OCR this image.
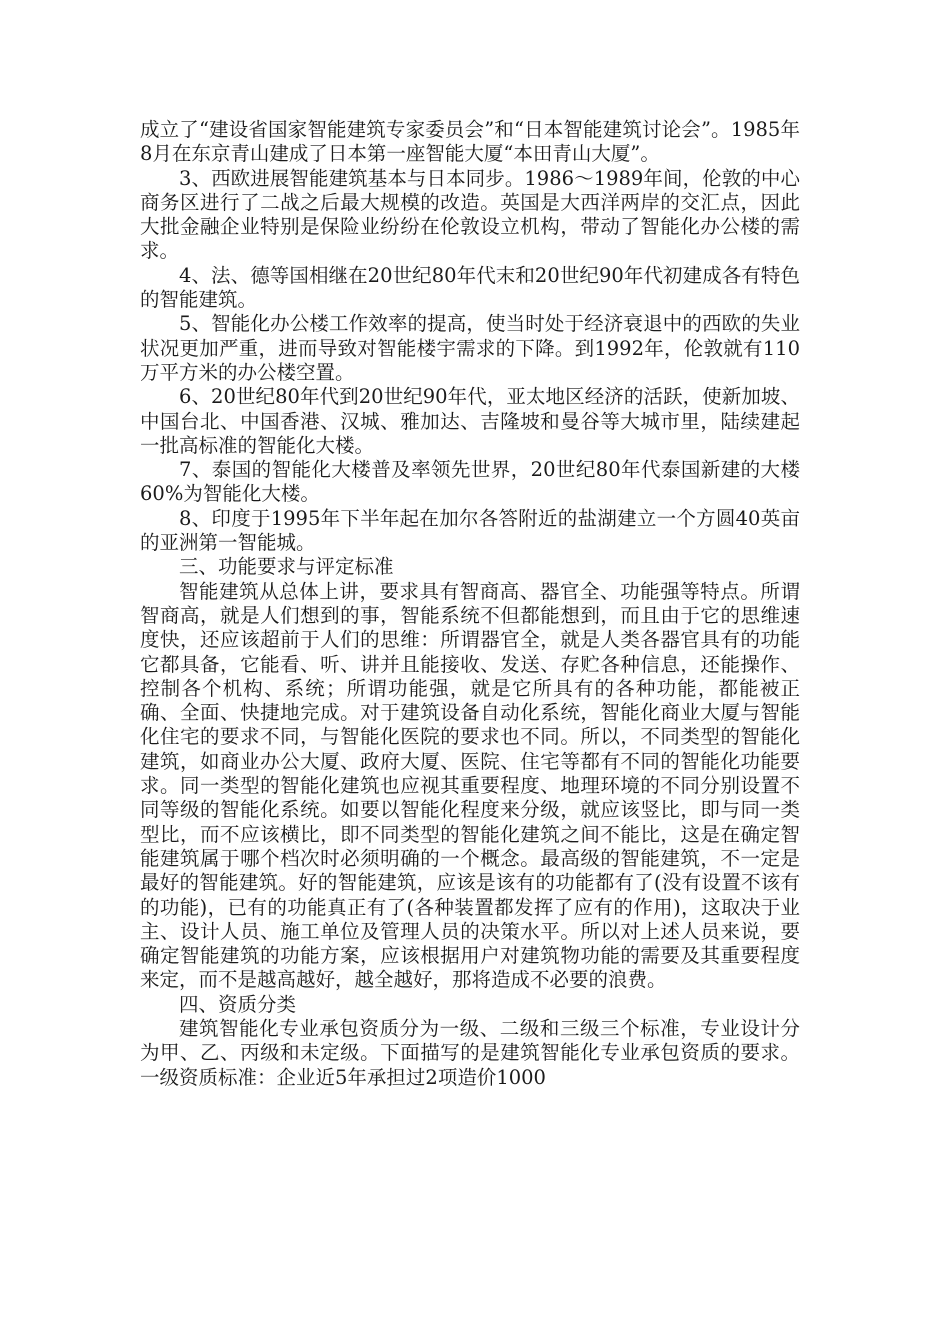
成立了“建设省国家智能建筑专家委员会”和“日本智能建筑讨论会”。1985年8月在东京青山建成了日本第一座智能大厦“本田青山大厦”。

3、西欧进展智能建筑基本与日本同步。1986～1989年间，伦敦的中心商务区进行了二战之后最大规模的改造。英国是大西洋两岸的交汇点，因此大批金融企业特别是保险业纷纷在伦敦设立机构，带动了智能化办公楼的需求。

4、法、德等国相继在20世纪80年代末和20世纪90年代初建成各有特色的智能建筑。

5、智能化办公楼工作效率的提高，使当时处于经济衰退中的西欧的失业状况更加严重，进而导致对智能楼宇需求的下降。到1992年，伦敦就有110万平方米的办公楼空置。

6、20世纪80年代到20世纪90年代，亚太地区经济的活跃，使新加坡、中国台北、中国香港、汉城、雅加达、吉隆坡和曼谷等大城市里，陆续建起一批高标准的智能化大楼。

7、泰国的智能化大楼普及率领先世界，20世纪80年代泰国新建的大楼60%为智能化大楼。

8、印度于1995年下半年起在加尔各答附近的盐湖建立一个方圆40英亩的亚洲第一智能城。

三、功能要求与评定标准

智能建筑从总体上讲，要求具有智商高、器官全、功能强等特点。所谓智商高，就是人们想到的事，智能系统不但都能想到，而且由于它的思维速度快，还应该超前于人们的思维：所谓器官全，就是人类各器官具有的功能它都具备，它能看、听、讲并且能接收、发送、存贮各种信息，还能操作、控制各个机构、系统；所谓功能强，就是它所具有的各种功能，都能被正确、全面、快捷地完成。对于建筑设备自动化系统，智能化商业大厦与智能化住宅的要求不同，与智能化医院的要求也不同。所以，不同类型的智能化建筑，如商业办公大厦、政府大厦、医院、住宅等都有不同的智能化功能要求。同一类型的智能化建筑也应视其重要程度、地理环境的不同分别设置不同等级的智能化系统。如要以智能化程度来分级，就应该竖比，即与同一类型比，而不应该横比，即不同类型的智能化建筑之间不能比，这是在确定智能建筑属于哪个档次时必须明确的一个概念。最高级的智能建筑，不一定是最好的智能建筑。好的智能建筑，应该是该有的功能都有了(没有设置不该有的功能)，已有的功能真正有了(各种装置都发挥了应有的作用)，这取决于业主、设计人员、施工单位及管理人员的决策水平。所以对上述人员来说，要确定智能建筑的功能方案，应该根据用户对建筑物功能的需要及其重要程度来定，而不是越高越好，越全越好，那将造成不必要的浪费。

四、资质分类

建筑智能化专业承包资质分为一级、二级和三级三个标准，专业设计分为甲、乙、丙级和未定级。下面描写的是建筑智能化专业承包资质的要求。一级资质标准：企业近5年承担过2项造价1000
